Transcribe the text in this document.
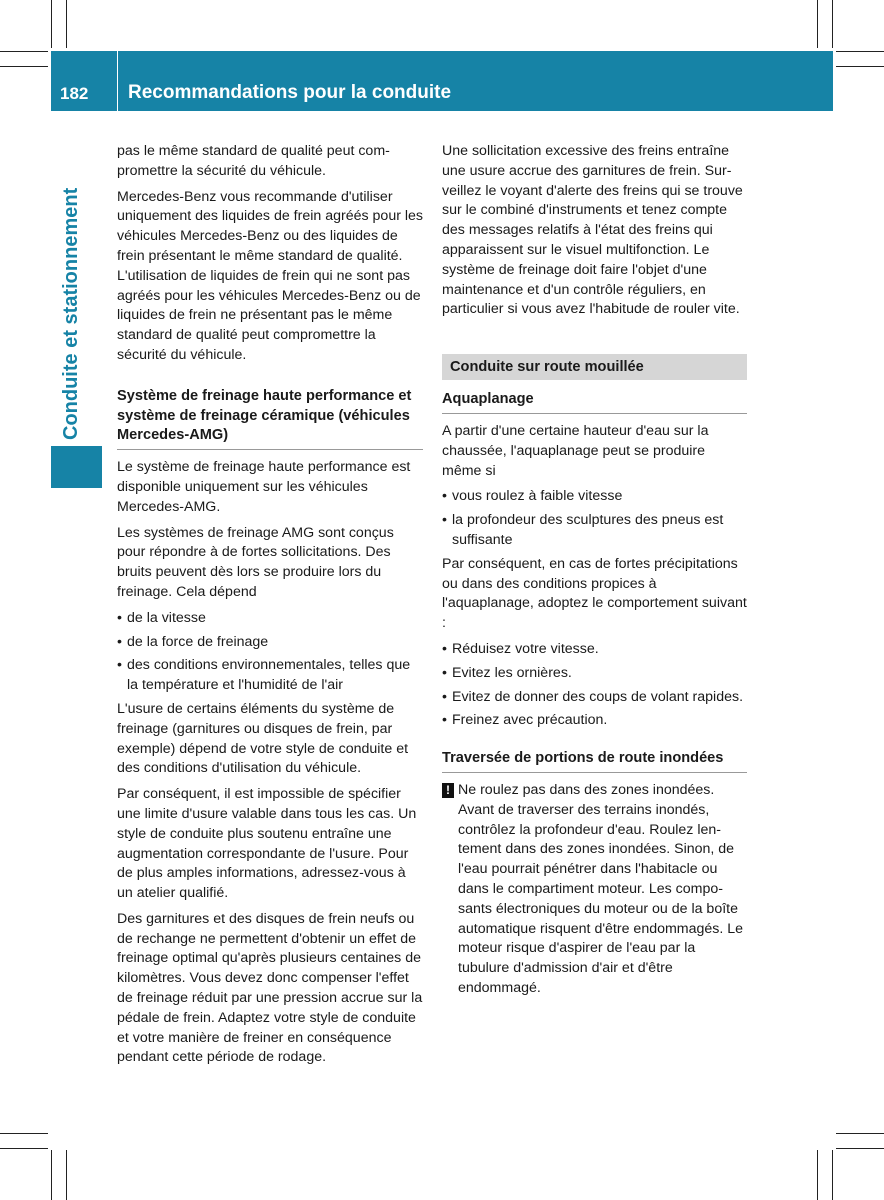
182 Recommandations pour la conduite
Conduite et stationnement

pas le même standard de qualité peut compromettre la sécurité du véhicule.

Mercedes-Benz vous recommande d'utiliser uniquement des liquides de frein agréés pour les véhicules Mercedes-Benz ou des liquides de frein présentant le même standard de qualité. L'utilisation de liquides de frein qui ne sont pas agréés pour les véhicules Mercedes-Benz ou de liquides de frein ne présentant pas le même standard de qualité peut compromettre la sécurité du véhicule.

Système de freinage haute performance et système de freinage céramique (véhicules Mercedes-AMG)

Le système de freinage haute performance est disponible uniquement sur les véhicules Mercedes-AMG.

Les systèmes de freinage AMG sont conçus pour répondre à de fortes sollicitations. Des bruits peuvent dès lors se produire lors du freinage. Cela dépend

• de la vitesse
• de la force de freinage
• des conditions environnementales, telles que la température et l'humidité de l'air

L'usure de certains éléments du système de freinage (garnitures ou disques de frein, par exemple) dépend de votre style de conduite et des conditions d'utilisation du véhicule.

Par conséquent, il est impossible de spécifier une limite d'usure valable dans tous les cas. Un style de conduite plus soutenu entraîne une augmentation correspondante de l'usure. Pour de plus amples informations, adressez-vous à un atelier qualifié.

Des garnitures et des disques de frein neufs ou de rechange ne permettent d'obtenir un effet de freinage optimal qu'après plusieurs centaines de kilomètres. Vous devez donc compenser l'effet de freinage réduit par une pression accrue sur la pédale de frein. Adaptez votre style de conduite et votre manière de freiner en conséquence pendant cette période de rodage.

Une sollicitation excessive des freins entraîne une usure accrue des garnitures de frein. Surveillez le voyant d'alerte des freins qui se trouve sur le combiné d'instruments et tenez compte des messages relatifs à l'état des freins qui apparaissent sur le visuel multifonction. Le système de freinage doit faire l'objet d'une maintenance et d'un contrôle réguliers, en particulier si vous avez l'habitude de rouler vite.

Conduite sur route mouillée
Aquaplanage

A partir d'une certaine hauteur d'eau sur la chaussée, l'aquaplanage peut se produire même si

• vous roulez à faible vitesse
• la profondeur des sculptures des pneus est suffisante

Par conséquent, en cas de fortes précipitations ou dans des conditions propices à l'aquaplanage, adoptez le comportement suivant :

• Réduisez votre vitesse.
• Evitez les ornières.
• Evitez de donner des coups de volant rapides.
• Freinez avec précaution.
Traversée de portions de route inondées
! Ne roulez pas dans des zones inondées. Avant de traverser des terrains inondés, contrôlez la profondeur d'eau. Roulez lentement dans des zones inondées. Sinon, de l'eau pourrait pénétrer dans l'habitacle ou dans le compartiment moteur. Les composants électroniques du moteur ou de la boîte automatique risquent d'être endommagés. Le moteur risque d'aspirer de l'eau par la tubulure d'admission d'air et d'être endommagé.
